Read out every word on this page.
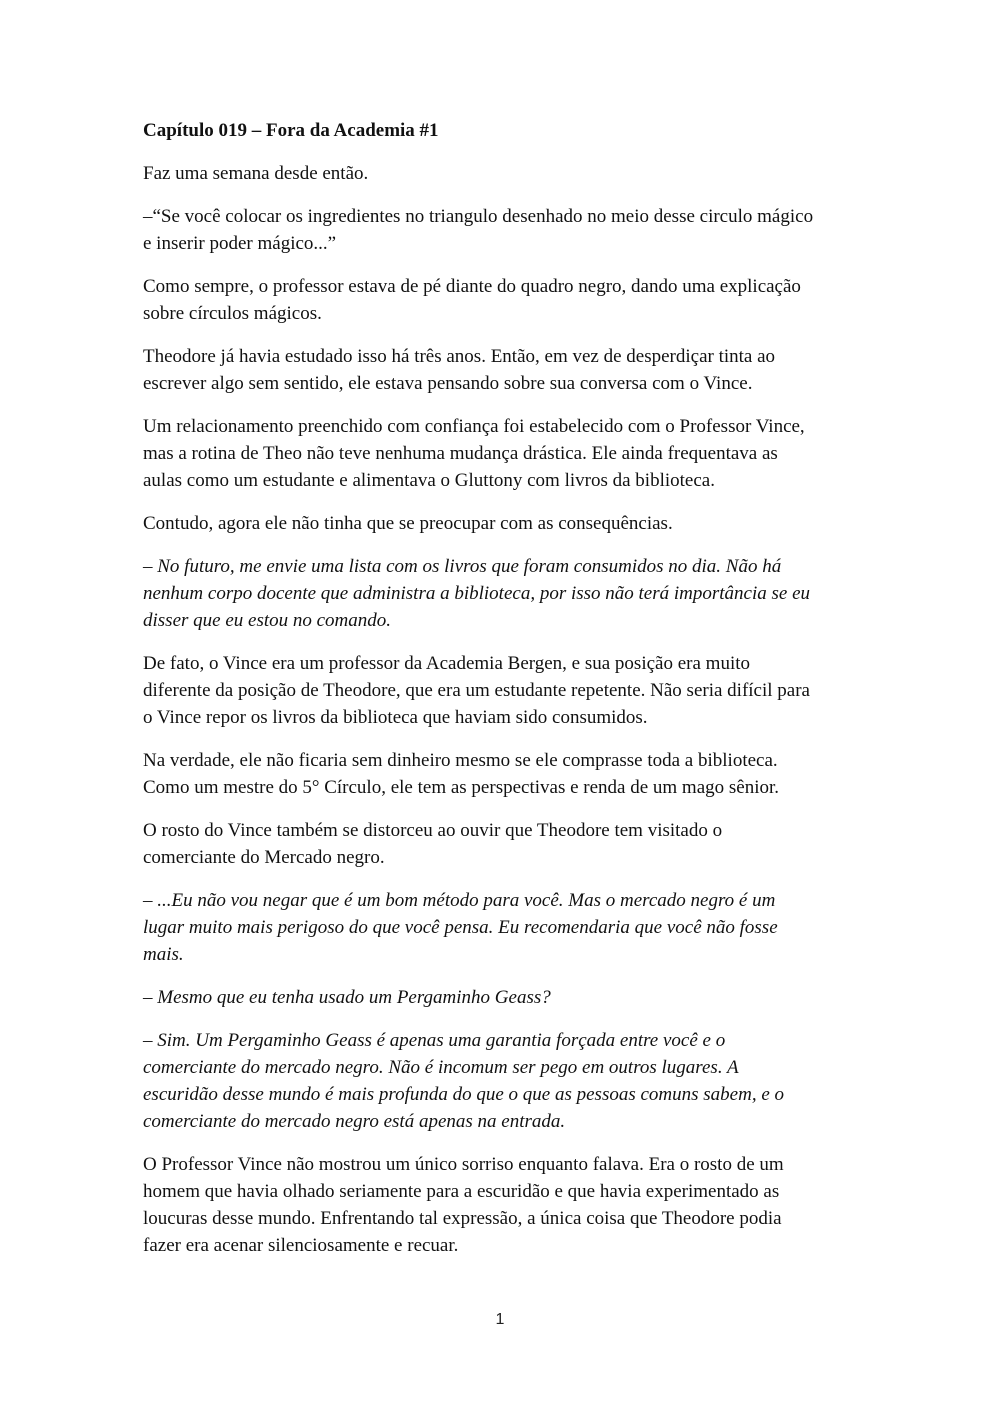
Capítulo 019 – Fora da Academia #1
Faz uma semana desde então.
–“Se você colocar os ingredientes no triangulo desenhado no meio desse circulo mágico
e inserir poder mágico...”
Como sempre, o professor estava de pé diante do quadro negro, dando uma explicação
sobre círculos mágicos.
Theodore já havia estudado isso há três anos. Então, em vez de desperdiçar tinta ao
escrever algo sem sentido, ele estava pensando sobre sua conversa com o Vince.
Um relacionamento preenchido com confiança foi estabelecido com o Professor Vince,
mas a rotina de Theo não teve nenhuma mudança drástica. Ele ainda frequentava as
aulas como um estudante e alimentava o Gluttony com livros da biblioteca.
Contudo, agora ele não tinha que se preocupar com as consequências.
– No futuro, me envie uma lista com os livros que foram consumidos no dia. Não há
nenhum corpo docente que administra a biblioteca, por isso não terá importância se eu
disser que eu estou no comando.
De fato, o Vince era um professor da Academia Bergen, e sua posição era muito
diferente da posição de Theodore, que era um estudante repetente. Não seria difícil para
o Vince repor os livros da biblioteca que haviam sido consumidos.
Na verdade, ele não ficaria sem dinheiro mesmo se ele comprasse toda a biblioteca.
Como um mestre do 5° Círculo, ele tem as perspectivas e renda de um mago sênior.
O rosto do Vince também se distorceu ao ouvir que Theodore tem visitado o
comerciante do Mercado negro.
– ...Eu não vou negar que é um bom método para você. Mas o mercado negro é um
lugar muito mais perigoso do que você pensa. Eu recomendaria que você não fosse
mais.
– Mesmo que eu tenha usado um Pergaminho Geass?
– Sim. Um Pergaminho Geass é apenas uma garantia forçada entre você e o
comerciante do mercado negro. Não é incomum ser pego em outros lugares. A
escuridão desse mundo é mais profunda do que o que as pessoas comuns sabem, e o
comerciante do mercado negro está apenas na entrada.
O Professor Vince não mostrou um único sorriso enquanto falava. Era o rosto de um
homem que havia olhado seriamente para a escuridão e que havia experimentado as
loucuras desse mundo. Enfrentando tal expressão, a única coisa que Theodore podia
fazer era acenar silenciosamente e recuar.
1
